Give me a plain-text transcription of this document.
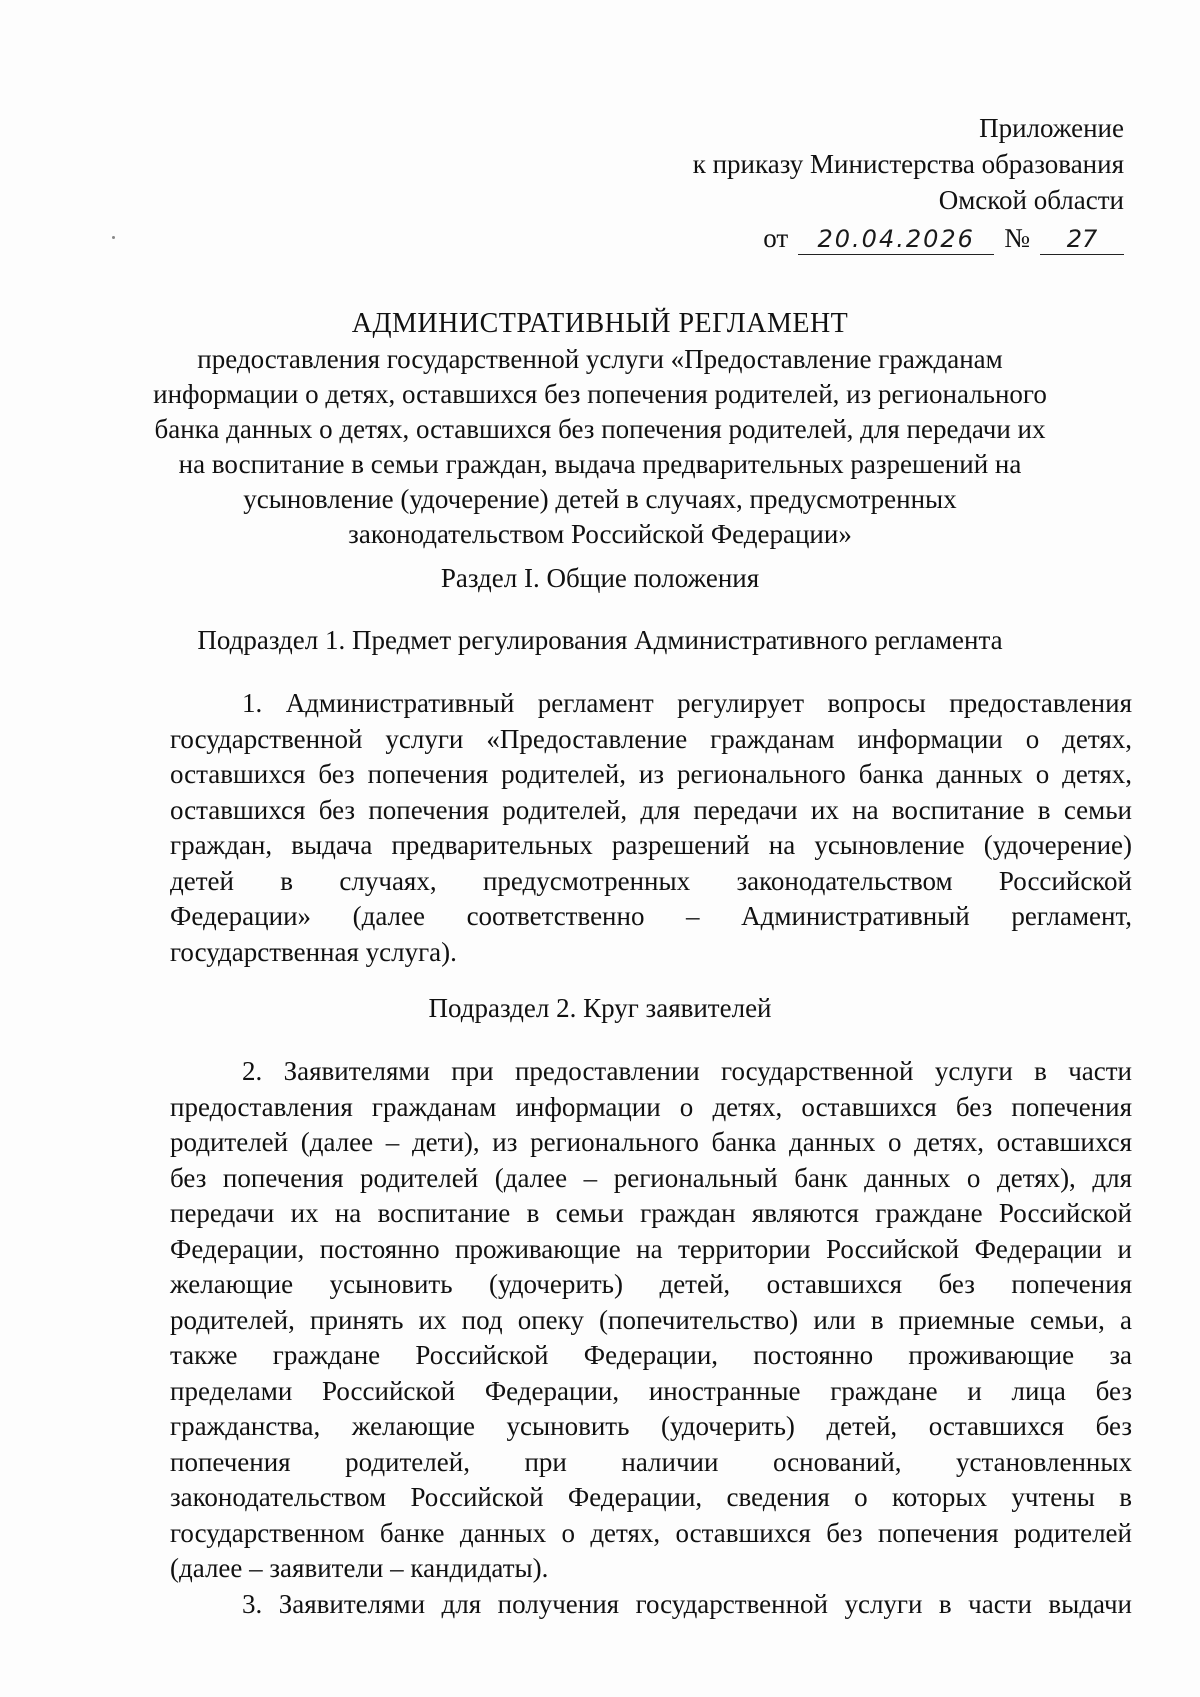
Приложение
к приказу Министерства образования
Омской области
от 20.04.2026 № 27
АДМИНИСТРАТИВНЫЙ РЕГЛАМЕНТ
предоставления государственной услуги «Предоставление гражданам
информации о детях, оставшихся без попечения родителей, из регионального
банка данных о детях, оставшихся без попечения родителей, для передачи их
на воспитание в семьи граждан, выдача предварительных разрешений на
усыновление (удочерение) детей в случаях, предусмотренных
законодательством Российской Федерации»
Раздел I. Общие положения
Подраздел 1. Предмет регулирования Административного регламента
1. Административный регламент регулирует вопросы предоставления
государственной услуги «Предоставление гражданам информации о детях,
оставшихся без попечения родителей, из регионального банка данных о детях,
оставшихся без попечения родителей, для передачи их на воспитание в семьи
граждан, выдача предварительных разрешений на усыновление (удочерение)
детей в случаях, предусмотренных законодательством Российской
Федерации» (далее соответственно – Административный регламент,
государственная услуга).
Подраздел 2. Круг заявителей
2. Заявителями при предоставлении государственной услуги в части
предоставления гражданам информации о детях, оставшихся без попечения
родителей (далее – дети), из регионального банка данных о детях, оставшихся
без попечения родителей (далее – региональный банк данных о детях), для
передачи их на воспитание в семьи граждан являются граждане Российской
Федерации, постоянно проживающие на территории Российской Федерации и
желающие усыновить (удочерить) детей, оставшихся без попечения
родителей, принять их под опеку (попечительство) или в приемные семьи, а
также граждане Российской Федерации, постоянно проживающие за
пределами Российской Федерации, иностранные граждане и лица без
гражданства, желающие усыновить (удочерить) детей, оставшихся без
попечения родителей, при наличии оснований, установленных
законодательством Российской Федерации, сведения о которых учтены в
государственном банке данных о детях, оставшихся без попечения родителей
(далее – заявители – кандидаты).
3. Заявителями для получения государственной услуги в части выдачи
